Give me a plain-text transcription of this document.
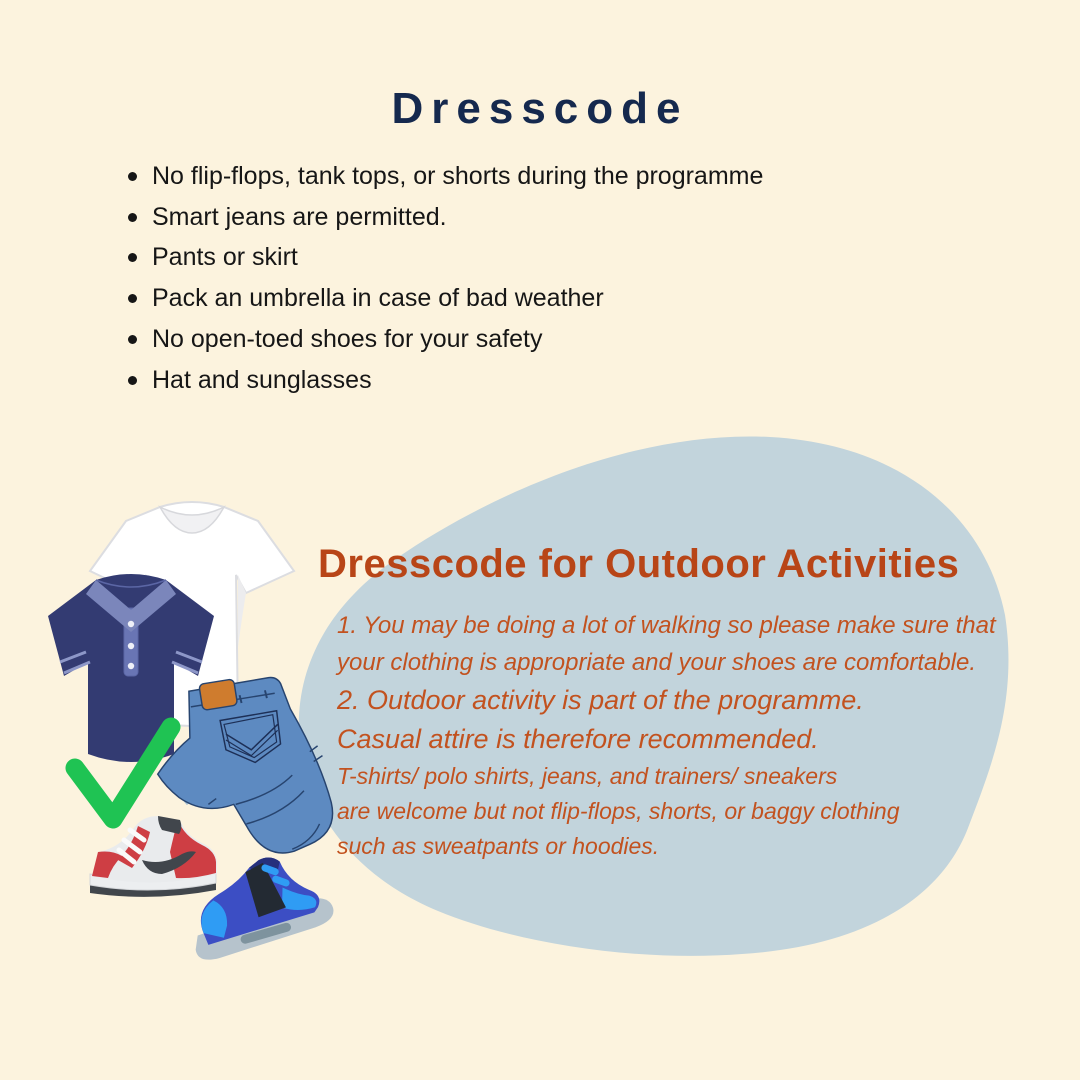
Dresscode
No flip-flops, tank tops, or shorts during the programme
Smart jeans are permitted.
Pants or skirt
Pack an umbrella in case of bad weather
No open-toed shoes for your safety
Hat and sunglasses
Dresscode for Outdoor Activities
1. You may be doing a lot of walking so please make sure that
your clothing is appropriate and your shoes are comfortable.
2. Outdoor activity is part of the programme.
Casual attire is therefore recommended.
T-shirts/ polo shirts, jeans, and trainers/ sneakers
are welcome but not flip-flops, shorts, or baggy clothing
such as sweatpants or hoodies.
